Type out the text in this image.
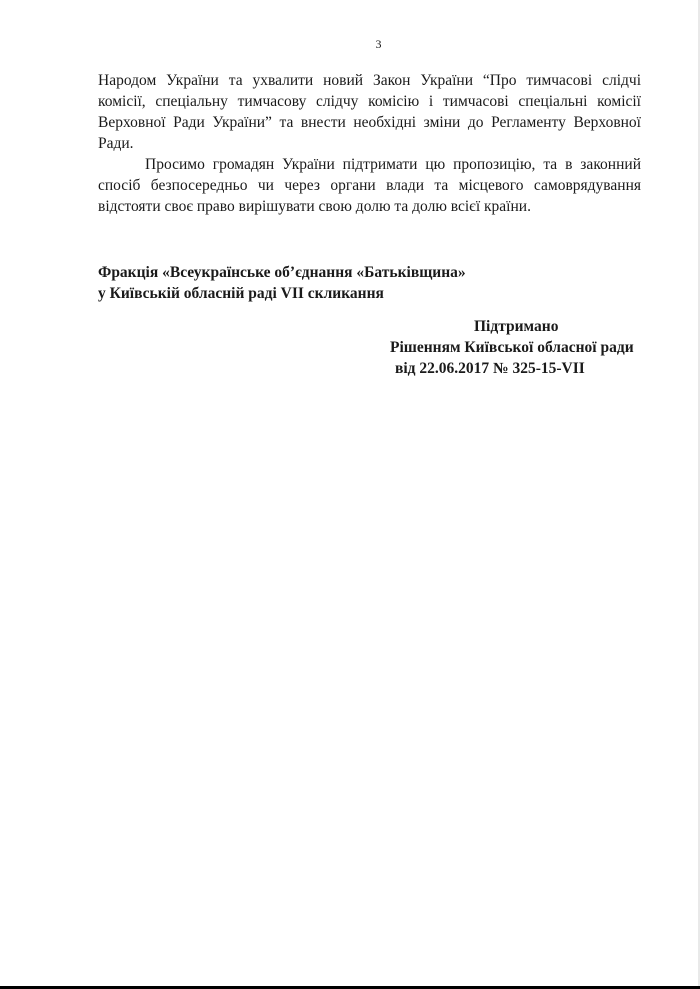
3

Народом України та ухвалити новий Закон України “Про тимчасові слідчі
комісії, спеціальну тимчасову слідчу комісію і тимчасові спеціальні комісії
Верховної Ради України” та внести необхідні зміни до Регламенту Верховної
Ради.

Просимо громадян України підтримати цю пропозицію, та в законний
спосіб безпосередньо чи через органи влади та місцевого самоврядування
відстояти своє право вирішувати свою долю та долю всієї країни.

Фракція «Всеукраїнське об’єднання «Батьківщина»
у Київській обласній раді VII скликання
Підтримано
Рішенням Київської обласної ради
від 22.06.2017 № 325-15-VII
